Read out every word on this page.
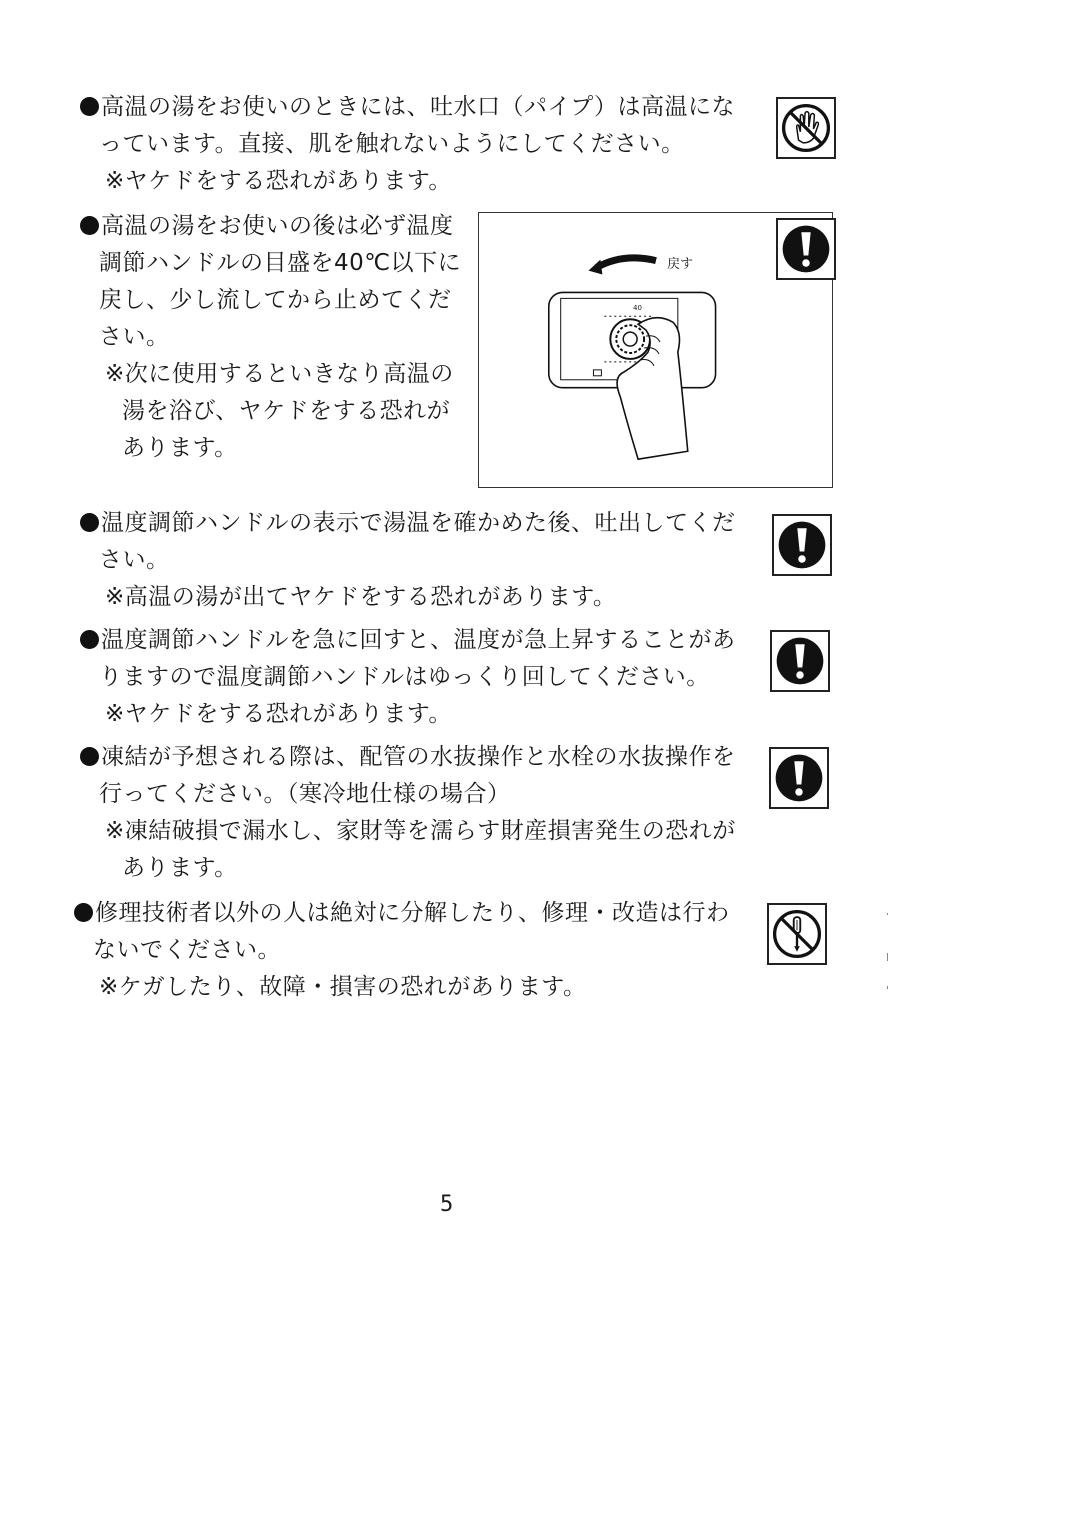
高温の湯をお使いのときには、吐水口（パイプ）は高温にな
っています。直接、肌を触れないようにしてください。
※ヤケドをする恐れがあります。
高温の湯をお使いの後は必ず温度
調節ハンドルの目盛を40℃以下に
戻し、少し流してから止めてくだ
さい。
※次に使用するといきなり高温の
湯を浴び、ヤケドをする恐れが
あります。
戻す
40
温度調節ハンドルの表示で湯温を確かめた後、吐出してくだ
さい。
※高温の湯が出てヤケドをする恐れがあります。
温度調節ハンドルを急に回すと、温度が急上昇することがあ
りますので温度調節ハンドルはゆっくり回してください。
※ヤケドをする恐れがあります。
凍結が予想される際は、配管の水抜操作と水栓の水抜操作を
行ってください。（寒冷地仕様の場合）
※凍結破損で漏水し、家財等を濡らす財産損害発生の恐れが
あります。
修理技術者以外の人は絶対に分解したり、修理・改造は行わ
ないでください。
※ケガしたり、故障・損害の恐れがあります。
5
